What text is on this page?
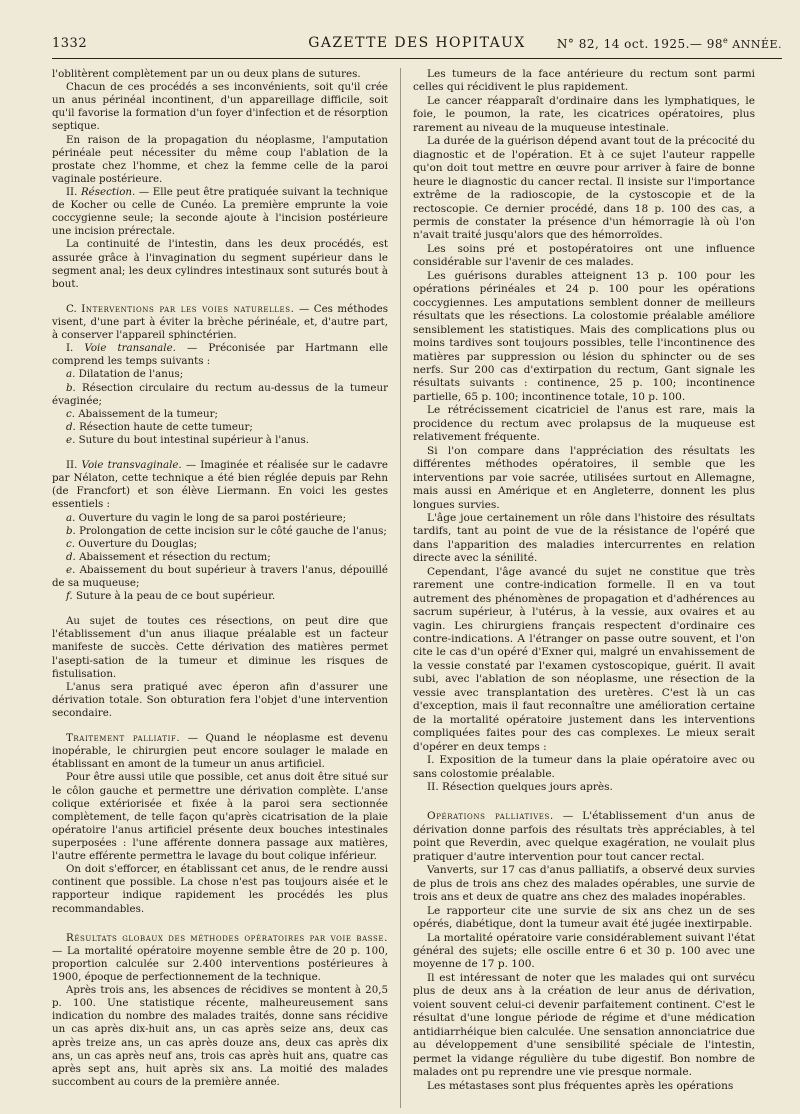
1332	GAZETTE DES HOPITAUX	N° 82, 14 oct. 1925.— 98e ANNÉE.

l'oblitèrent complètement par un ou deux plans de sutures.

Chacun de ces procédés a ses inconvénients, soit qu'il crée un anus périnéal incontinent, d'un appareillage difficile, soit qu'il favorise la formation d'un foyer d'infection et de résorption septique.

En raison de la propagation du néoplasme, l'amputation périnéale peut nécessiter du même coup l'ablation de la prostate chez l'homme, et chez la femme celle de la paroi vaginale postérieure.

II. Résection. — Elle peut être pratiquée suivant la technique de Kocher ou celle de Cunéo. La première emprunte la voie coccygienne seule; la seconde ajoute à l'incision postérieure une incision prérectale.

La continuité de l'intestin, dans les deux procédés, est assurée grâce à l'invagination du segment supérieur dans le segment anal; les deux cylindres intestinaux sont suturés bout à bout.

C. Interventions par les voies naturelles. — Ces méthodes visent, d'une part à éviter la brèche périnéale, et, d'autre part, à conserver l'appareil sphinctérien.

I. Voie transanale. — Préconisée par Hartmann elle comprend les temps suivants :

a. Dilatation de l'anus;

b. Résection circulaire du rectum au-dessus de la tumeur évaginée;

c. Abaissement de la tumeur;

d. Résection haute de cette tumeur;

e. Suture du bout intestinal supérieur à l'anus.

II. Voie transvaginale. — Imaginée et réalisée sur le cadavre par Nélaton, cette technique a été bien réglée depuis par Rehn (de Francfort) et son élève Liermann. En voici les gestes essentiels :

a. Ouverture du vagin le long de sa paroi postérieure;

b. Prolongation de cette incision sur le côté gauche de l'anus;

c. Ouverture du Douglas;

d. Abaissement et résection du rectum;

e. Abaissement du bout supérieur à travers l'anus, dépouillé de sa muqueuse;

f. Suture à la peau de ce bout supérieur.

Au sujet de toutes ces résections, on peut dire que l'établissement d'un anus iliaque préalable est un facteur manifeste de succès. Cette dérivation des matières permet l'asepti-sation de la tumeur et diminue les risques de fistulisation.

L'anus sera pratiqué avec éperon afin d'assurer une dérivation totale. Son obturation fera l'objet d'une intervention secondaire.

Traitement palliatif. — Quand le néoplasme est devenu inopérable, le chirurgien peut encore soulager le malade en établissant en amont de la tumeur un anus artificiel.

Pour être aussi utile que possible, cet anus doit être situé sur le côlon gauche et permettre une dérivation complète. L'anse colique extériorisée et fixée à la paroi sera sectionnée complètement, de telle façon qu'après cicatrisation de la plaie opératoire l'anus artificiel présente deux bouches intestinales superposées : l'une afférente donnera passage aux matières, l'autre efférente permettra le lavage du bout colique inférieur.

On doit s'efforcer, en établissant cet anus, de le rendre aussi continent que possible. La chose n'est pas toujours aisée et le rapporteur indique rapidement les procédés les plus recommandables.

Résultats globaux des méthodes opératoires par voie basse. — La mortalité opératoire moyenne semble être de 20 p. 100, proportion calculée sur 2.400 interventions postérieures à 1900, époque de perfectionnement de la technique.

Après trois ans, les absences de récidives se montent à 20,5 p. 100. Une statistique récente, malheureusement sans indication du nombre des malades traités, donne sans récidive un cas après dix-huit ans, un cas après seize ans, deux cas après treize ans, un cas après douze ans, deux cas après dix ans, un cas après neuf ans, trois cas après huit ans, quatre cas après sept ans, huit après six ans. La moitié des malades succombent au cours de la première année.

Les tumeurs de la face antérieure du rectum sont parmi celles qui récidivent le plus rapidement.

Le cancer réapparaît d'ordinaire dans les lymphatiques, le foie, le poumon, la rate, les cicatrices opératoires, plus rarement au niveau de la muqueuse intestinale.

La durée de la guérison dépend avant tout de la précocité du diagnostic et de l'opération. Et à ce sujet l'auteur rappelle qu'on doit tout mettre en œuvre pour arriver à faire de bonne heure le diagnostic du cancer rectal. Il insiste sur l'importance extrême de la radioscopie, de la cystoscopie et de la rectoscopie. Ce dernier procédé, dans 18 p. 100 des cas, a permis de constater la présence d'un hémorragie là où l'on n'avait traité jusqu'alors que des hémorroïdes.

Les soins pré et postopératoires ont une influence considérable sur l'avenir de ces malades.

Les guérisons durables atteignent 13 p. 100 pour les opérations périnéales et 24 p. 100 pour les opérations coccygiennes. Les amputations semblent donner de meilleurs résultats que les résections. La colostomie préalable améliore sensiblement les statistiques. Mais des complications plus ou moins tardives sont toujours possibles, telle l'incontinence des matières par suppression ou lésion du sphincter ou de ses nerfs. Sur 200 cas d'extirpation du rectum, Gant signale les résultats suivants : continence, 25 p. 100; incontinence partielle, 65 p. 100; incontinence totale, 10 p. 100.

Le rétrécissement cicatriciel de l'anus est rare, mais la procidence du rectum avec prolapsus de la muqueuse est relativement fréquente.

Si l'on compare dans l'appréciation des résultats les différentes méthodes opératoires, il semble que les interventions par voie sacrée, utilisées surtout en Allemagne, mais aussi en Amérique et en Angleterre, donnent les plus longues survies.

L'âge joue certainement un rôle dans l'histoire des résultats tardifs, tant au point de vue de la résistance de l'opéré que dans l'apparition des maladies intercurrentes en relation directe avec la sénilité.

Cependant, l'âge avancé du sujet ne constitue que très rarement une contre-indication formelle. Il en va tout autrement des phénomènes de propagation et d'adhérences au sacrum supérieur, à l'utérus, à la vessie, aux ovaires et au vagin. Les chirurgiens français respectent d'ordinaire ces contre-indications. A l'étranger on passe outre souvent, et l'on cite le cas d'un opéré d'Exner qui, malgré un envahissement de la vessie constaté par l'examen cystoscopique, guérit. Il avait subi, avec l'ablation de son néoplasme, une résection de la vessie avec transplantation des uretères. C'est là un cas d'exception, mais il faut reconnaître une amélioration certaine de la mortalité opératoire justement dans les interventions compliquées faites pour des cas complexes. Le mieux serait d'opérer en deux temps :

I. Exposition de la tumeur dans la plaie opératoire avec ou sans colostomie préalable.

II. Résection quelques jours après.

Opérations palliatives. — L'établissement d'un anus de dérivation donne parfois des résultats très appréciables, à tel point que Reverdin, avec quelque exagération, ne voulait plus pratiquer d'autre intervention pour tout cancer rectal.

Vanverts, sur 17 cas d'anus palliatifs, a observé deux survies de plus de trois ans chez des malades opérables, une survie de trois ans et deux de quatre ans chez des malades inopérables.

Le rapporteur cite une survie de six ans chez un de ses opérés, diabétique, dont la tumeur avait été jugée inextirpable.

La mortalité opératoire varie considérablement suivant l'état général des sujets; elle oscille entre 6 et 30 p. 100 avec une moyenne de 17 p. 100.

Il est intéressant de noter que les malades qui ont survécu plus de deux ans à la création de leur anus de dérivation, voient souvent celui-ci devenir parfaitement continent. C'est le résultat d'une longue période de régime et d'une médication antidiarrhéique bien calculée. Une sensation annonciatrice due au développement d'une sensibilité spéciale de l'intestin, permet la vidange régulière du tube digestif. Bon nombre de malades ont pu reprendre une vie presque normale.

Les métastases sont plus fréquentes après les opérations
